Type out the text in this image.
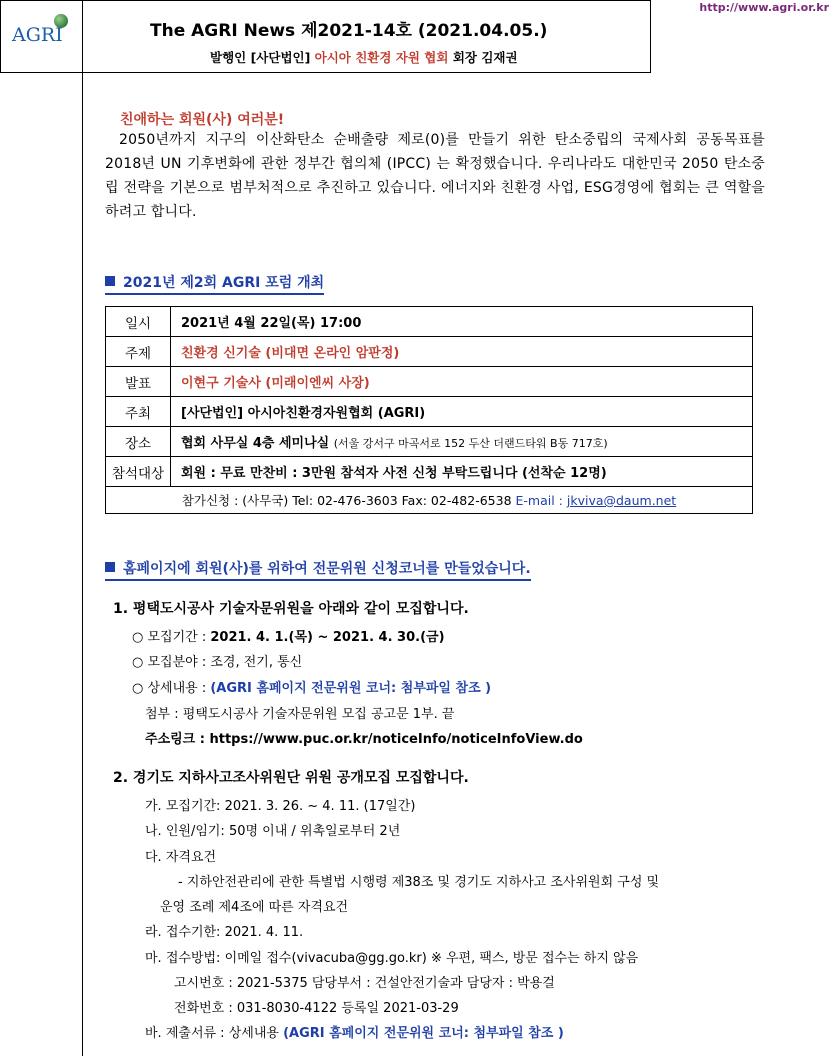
AGRI
http://www.agri.or.kr
The AGRI News 제2021-14호 (2021.04.05.)
발행인 [사단법인] 아시아 친환경 자원 협회 회장 김재권
친애하는 회원(사) 여러분!

2050년까지 지구의 이산화탄소 순배출량 제로(0)를 만들기 위한 탄소중립의 국제사회 공동목표를 2018년 UN 기후변화에 관한 정부간 협의체 (IPCC) 는 확정했습니다. 우리나라도 대한민국 2050 탄소중립 전략을 기본으로 범부처적으로 추진하고 있습니다. 에너지와 친환경 사업, ESG경영에 협회는 큰 역할을 하려고 합니다.

2021년 제2회 AGRI 포럼 개최
일시	2021년 4월 22일(목) 17:00
주제	친환경 신기술 (비대면 온라인 암판정)
발표	이현구 기술사 (미래이엔씨 사장)
주최	[사단법인] 아시아친환경자원협회 (AGRI)
장소	협회 사무실 4층 세미나실 (서울 강서구 마곡서로 152 두산 더랜드타워 B동 717호)
참석대상	회원 : 무료 만찬비 : 3만원 참석자 사전 신청 부탁드립니다 (선착순 12명)
참가신청 : (사무국) Tel: 02-476-3603 Fax: 02-482-6538 E-mail : jkviva@daum.net	
홈페이지에 회원(사)를 위하여 전문위원 신청코너를 만들었습니다.
1. 평택도시공사 기술자문위원을 아래와 같이 모집합니다.
○ 모집기간 : 2021. 4. 1.(목) ~ 2021. 4. 30.(금)
○ 모집분야 : 조경, 전기, 통신
○ 상세내용 : (AGRI 홈페이지 전문위원 코너: 첨부파일 참조 )
첨부 : 평택도시공사 기술자문위원 모집 공고문 1부. 끝
주소링크 : https://www.puc.or.kr/noticeInfo/noticeInfoView.do
2. 경기도 지하사고조사위원단 위원 공개모집 모집합니다.
가. 모집기간: 2021. 3. 26. ~ 4. 11. (17일간)
나. 인원/임기: 50명 이내 / 위촉일로부터 2년
다. 자격요건
- 지하안전관리에 관한 특별법 시행령 제38조 및 경기도 지하사고 조사위원회 구성 및
운영 조례 제4조에 따른 자격요건
라. 접수기한: 2021. 4. 11.
마. 접수방법: 이메일 접수(vivacuba@gg.go.kr) ※ 우편, 팩스, 방문 접수는 하지 않음
고시번호 : 2021-5375 담당부서 : 건설안전기술과 담당자 : 박용걸
전화번호 : 031-8030-4122 등록일 2021-03-29
바. 제출서류 : 상세내용 (AGRI 홈페이지 전문위원 코너: 첨부파일 참조 )
